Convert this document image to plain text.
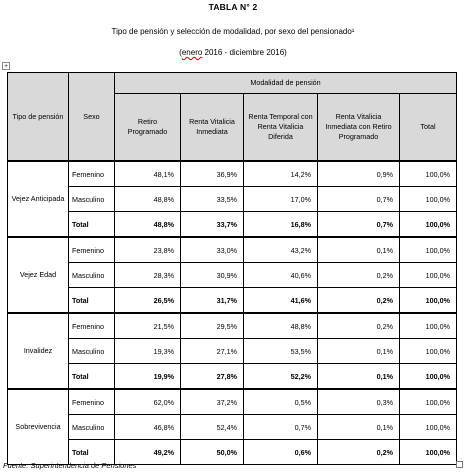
TABLA N° 2
Tipo de pensión y selección de modalidad, por sexo del pensionado¹
(enero 2016 - diciembre 2016)
+
Tipo de pensión	Sexo	Modalidad de pensión				
		Retiro Programado	Renta Vitalicia Inmediata	Renta Temporal con Renta Vitalicia Diferida	Renta Vitalicia Inmediata con Retiro Programado	Total
Vejez Anticipada	Femenino	48,1%	36,9%	14,2%	0,9%	100,0%
	Masculino	48,8%	33,5%	17,0%	0,7%	100,0%
	Total	48,8%	33,7%	16,8%	0,7%	100,0%
Vejez Edad	Femenino	23,8%	33,0%	43,2%	0,1%	100,0%
	Masculino	28,3%	30,9%	40,6%	0,2%	100,0%
	Total	26,5%	31,7%	41,6%	0,2%	100,0%
Invalidez	Femenino	21,5%	29,5%	48,8%	0,2%	100,0%
	Masculino	19,3%	27,1%	53,5%	0,1%	100,0%
	Total	19,9%	27,8%	52,2%	0,1%	100,0%
Sobrevivencia	Femenino	62,0%	37,2%	0,5%	0,3%	100,0%
	Masculino	46,8%	52,4%	0,7%	0,1%	100,0%
	Total	49,2%	50,0%	0,6%	0,2%	100,0%
Fuente: Superintendencia de Pensiones
